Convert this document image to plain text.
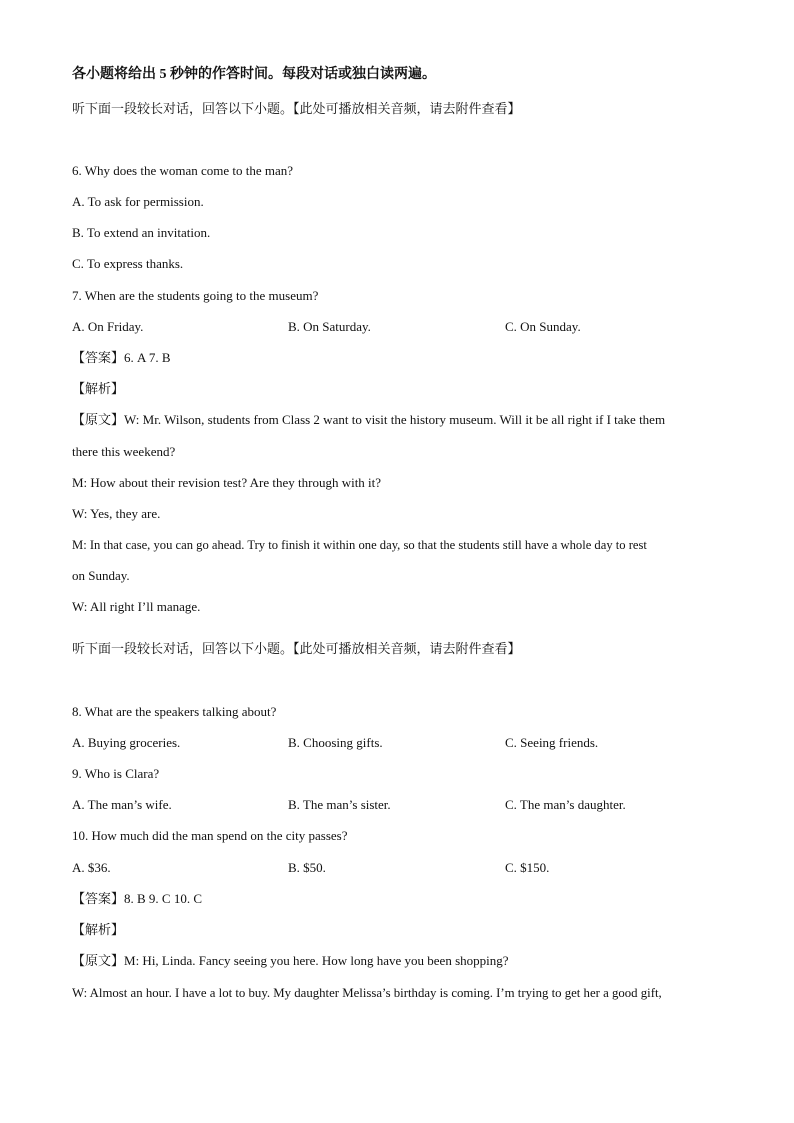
各小题将给出 5 秒钟的作答时间。每段对话或独白读两遍。
听下面一段较长对话，回答以下小题。【此处可播放相关音频，请去附件查看】
6. Why does the woman come to the man?
A. To ask for permission.
B. To extend an invitation.
C. To express thanks.
7. When are the students going to the museum?
A. On Friday.	B. On Saturday.	C. On Sunday.
【答案】6. A 7. B
【解析】
【原文】W: Mr. Wilson, students from Class 2 want to visit the history museum. Will it be all right if I take them
there this weekend?
M: How about their revision test? Are they through with it?
W: Yes, they are.
M: In that case, you can go ahead. Try to finish it within one day, so that the students still have a whole day to rest
on Sunday.
W: All right I’ll manage.
听下面一段较长对话，回答以下小题。【此处可播放相关音频，请去附件查看】
8. What are the speakers talking about?
A. Buying groceries.	B. Choosing gifts.	C. Seeing friends.
9. Who is Clara?
A. The man’s wife.	B. The man’s sister.	C. The man’s daughter.
10. How much did the man spend on the city passes?
A. $36.	B. $50.	C. $150.
【答案】8. B 9. C 10. C
【解析】
【原文】M: Hi, Linda. Fancy seeing you here. How long have you been shopping?
W: Almost an hour. I have a lot to buy. My daughter Melissa’s birthday is coming. I’m trying to get her a good gift,
